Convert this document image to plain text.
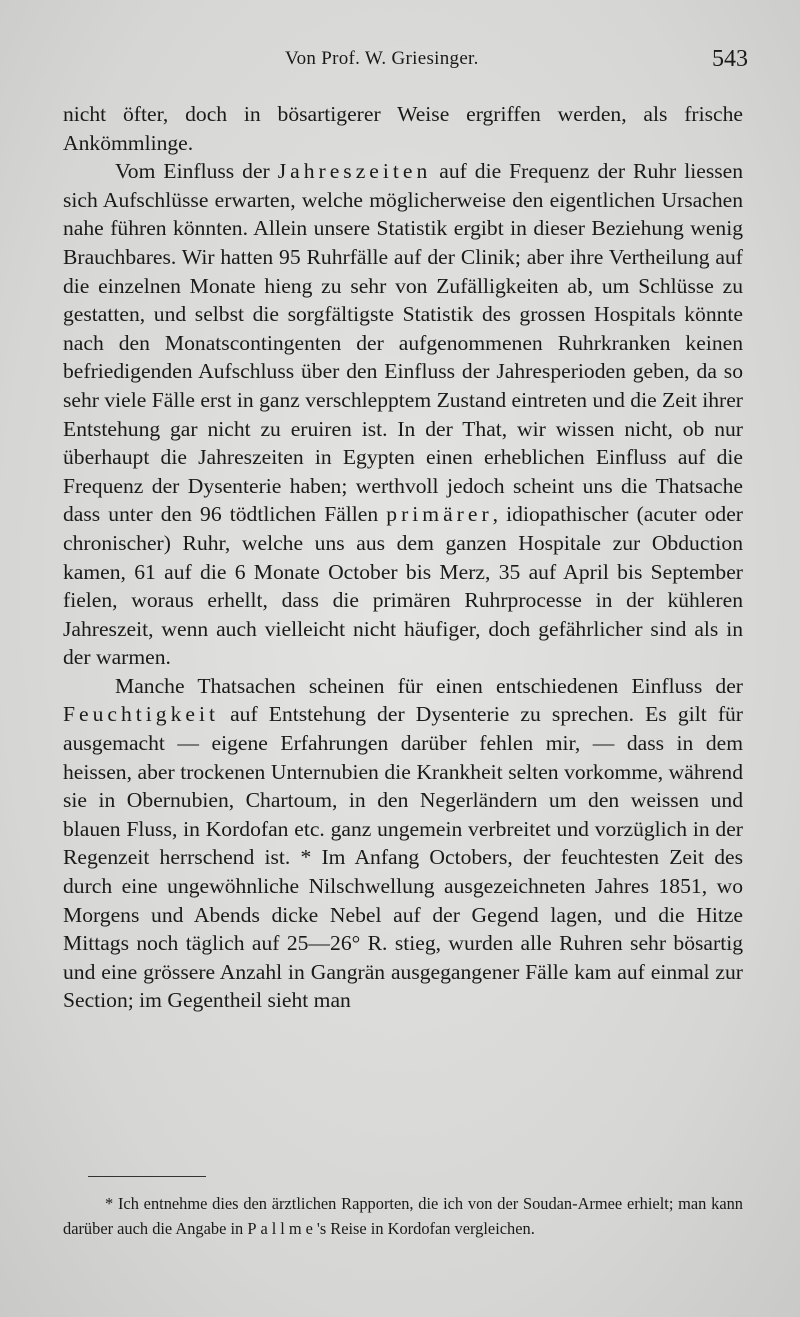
Von Prof. W. Griesinger.	543

nicht öfter, doch in bösartigerer Weise ergriffen werden, als frische Ankömmlinge.

Vom Einfluss der Jahreszeiten auf die Frequenz der Ruhr liessen sich Aufschlüsse erwarten, welche möglicherweise den eigentlichen Ursachen nahe führen könnten. Allein unsere Statistik ergibt in dieser Beziehung wenig Brauchbares. Wir hatten 95 Ruhrfälle auf der Clinik; aber ihre Vertheilung auf die einzelnen Monate hieng zu sehr von Zufälligkeiten ab, um Schlüsse zu gestatten, und selbst die sorgfältigste Statistik des grossen Hospitals könnte nach den Monatscontingenten der aufgenommenen Ruhrkranken keinen befriedigenden Aufschluss über den Einfluss der Jahresperioden geben, da so sehr viele Fälle erst in ganz verschlepptem Zustand eintreten und die Zeit ihrer Entstehung gar nicht zu eruiren ist. In der That, wir wissen nicht, ob nur überhaupt die Jahreszeiten in Egypten einen erheblichen Einfluss auf die Frequenz der Dysenterie haben; werthvoll jedoch scheint uns die Thatsache dass unter den 96 tödtlichen Fällen primärer, idiopathischer (acuter oder chronischer) Ruhr, welche uns aus dem ganzen Hospitale zur Obduction kamen, 61 auf die 6 Monate October bis Merz, 35 auf April bis September fielen, woraus erhellt, dass die primären Ruhrprocesse in der kühleren Jahreszeit, wenn auch vielleicht nicht häufiger, doch gefährlicher sind als in der warmen.

Manche Thatsachen scheinen für einen entschiedenen Einfluss der Feuchtigkeit auf Entstehung der Dysenterie zu sprechen. Es gilt für ausgemacht — eigene Erfahrungen darüber fehlen mir, — dass in dem heissen, aber trockenen Unternubien die Krankheit selten vorkomme, während sie in Obernubien, Chartoum, in den Negerländern um den weissen und blauen Fluss, in Kordofan etc. ganz ungemein verbreitet und vorzüglich in der Regenzeit herrschend ist. * Im Anfang Octobers, der feuchtesten Zeit des durch eine ungewöhnliche Nilschwellung ausgezeichneten Jahres 1851, wo Morgens und Abends dicke Nebel auf der Gegend lagen, und die Hitze Mittags noch täglich auf 25—26° R. stieg, wurden alle Ruhren sehr bösartig und eine grössere Anzahl in Gangrän ausgegangener Fälle kam auf einmal zur Section; im Gegentheil sieht man

* Ich entnehme dies den ärztlichen Rapporten, die ich von der Soudan-Armee erhielt; man kann darüber auch die Angabe in Pallme's Reise in Kordofan vergleichen.
